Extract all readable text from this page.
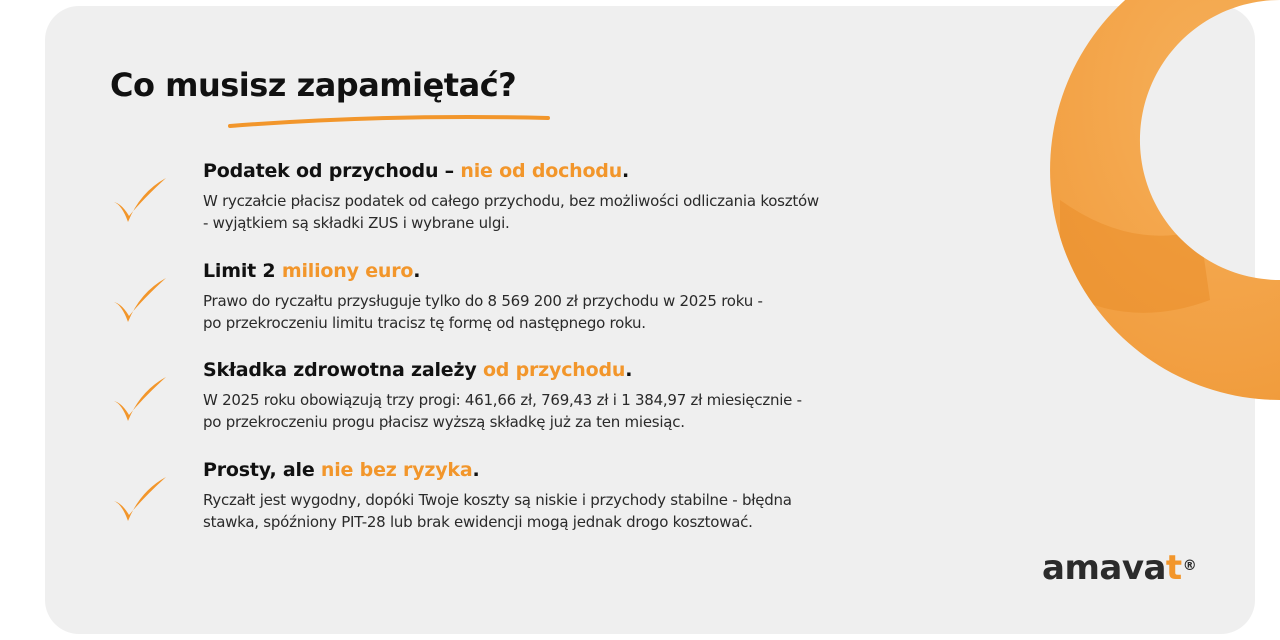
Co musisz zapamiętać?

Podatek od przychodu – nie od dochodu.

W ryczałcie płacisz podatek od całego przychodu, bez możliwości odliczania kosztów
- wyjątkiem są składki ZUS i wybrane ulgi.

Limit 2 miliony euro.

Prawo do ryczałtu przysługuje tylko do 8 569 200 zł przychodu w 2025 roku -
po przekroczeniu limitu tracisz tę formę od następnego roku.

Składka zdrowotna zależy od przychodu.

W 2025 roku obowiązują trzy progi: 461,66 zł, 769,43 zł i 1 384,97 zł miesięcznie -
po przekroczeniu progu płacisz wyższą składkę już za ten miesiąc.

Prosty, ale nie bez ryzyka.

Ryczałt jest wygodny, dopóki Twoje koszty są niskie i przychody stabilne - błędna
stawka, spóźniony PIT-28 lub brak ewidencji mogą jednak drogo kosztować.
amavat®
